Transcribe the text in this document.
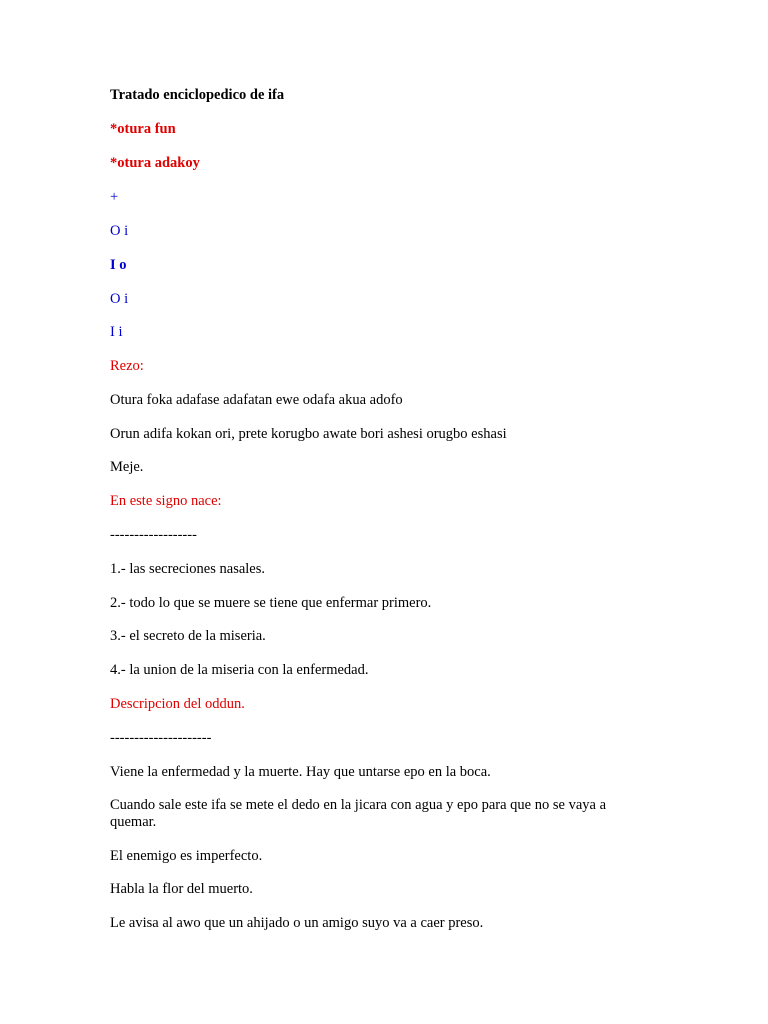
Tratado enciclopedico de ifa
*otura fun
*otura adakoy
+
O i
I o
O i
I i
Rezo:
Otura foka adafase adafatan ewe odafa akua adofo
Orun adifa kokan ori, prete korugbo awate bori ashesi orugbo eshasi
Meje.
En este signo nace:
------------------
1.- las secreciones nasales.
2.- todo lo que se muere se tiene que enfermar primero.
3.- el secreto de la miseria.
4.- la union de la miseria con la enfermedad.
Descripcion del oddun.
---------------------
Viene la enfermedad y la muerte. Hay que untarse epo en la boca.
Cuando sale este ifa se mete el dedo en la jicara con agua y epo para que no se vaya a quemar.
El enemigo es imperfecto.
Habla la flor del muerto.
Le avisa al awo que un ahijado o un amigo suyo va a caer preso.
